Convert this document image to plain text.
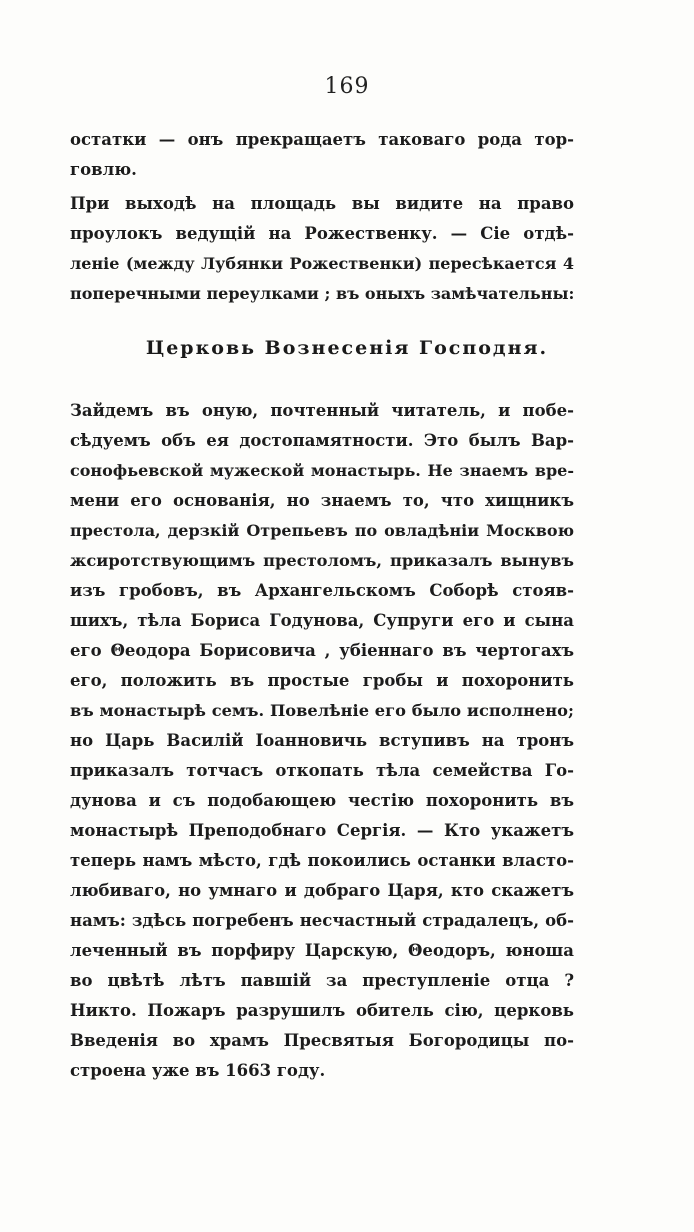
169
остатки — онъ прекращаетъ таковаго рода тор-
говлю.
При выходѣ на площадь вы видите на право
проулокъ ведущій на Рожественку. — Сіе отдѣ-
леніе (между Лубянки Рожественки) пересѣкается 4
поперечными переулками ; въ оныхъ замѣчательны:
Церковь Вознесенія Господня.
Зайдемъ въ оную, почтенный читатель, и побе-
сѣдуемъ объ ея достопамятности. Это былъ Вар-
сонофьевской мужеской монастырь. Не знаемъ вре-
мени его основанія, но знаемъ то, что хищникъ
престола, дерзкій Отрепьевъ по овладѣніи Москвою
жсиротствующимъ престоломъ, приказалъ вынувъ
изъ гробовъ, въ Архангельскомъ Соборѣ стояв-
шихъ, тѣла Бориса Годунова, Супруги его и сына
его Θеодора Борисовича , убіеннаго въ чертогахъ
его, положить въ простые гробы и похоронить
въ монастырѣ семъ. Повелѣніе его было исполнено;
но Царь Василій Іоанновичь вступивъ на тронъ
приказалъ тотчасъ откопать тѣла семейства Го-
дунова и съ подобающею честію похоронить въ
монастырѣ Преподобнаго Сергія. — Кто укажетъ
теперь намъ мѣсто, гдѣ покоились останки власто-
любиваго, но умнаго и добраго Царя, кто скажетъ
намъ: здѣсь погребенъ несчастный страдалецъ, об-
леченный въ порфиру Царскую, Θеодоръ, юноша
во цвѣтѣ лѣтъ павшій за преступленіе отца ?
Никто. Пожаръ разрушилъ обитель сію, церковь
Введенія во храмъ Пресвятыя Богородицы по-
строена уже въ 1663 году.
